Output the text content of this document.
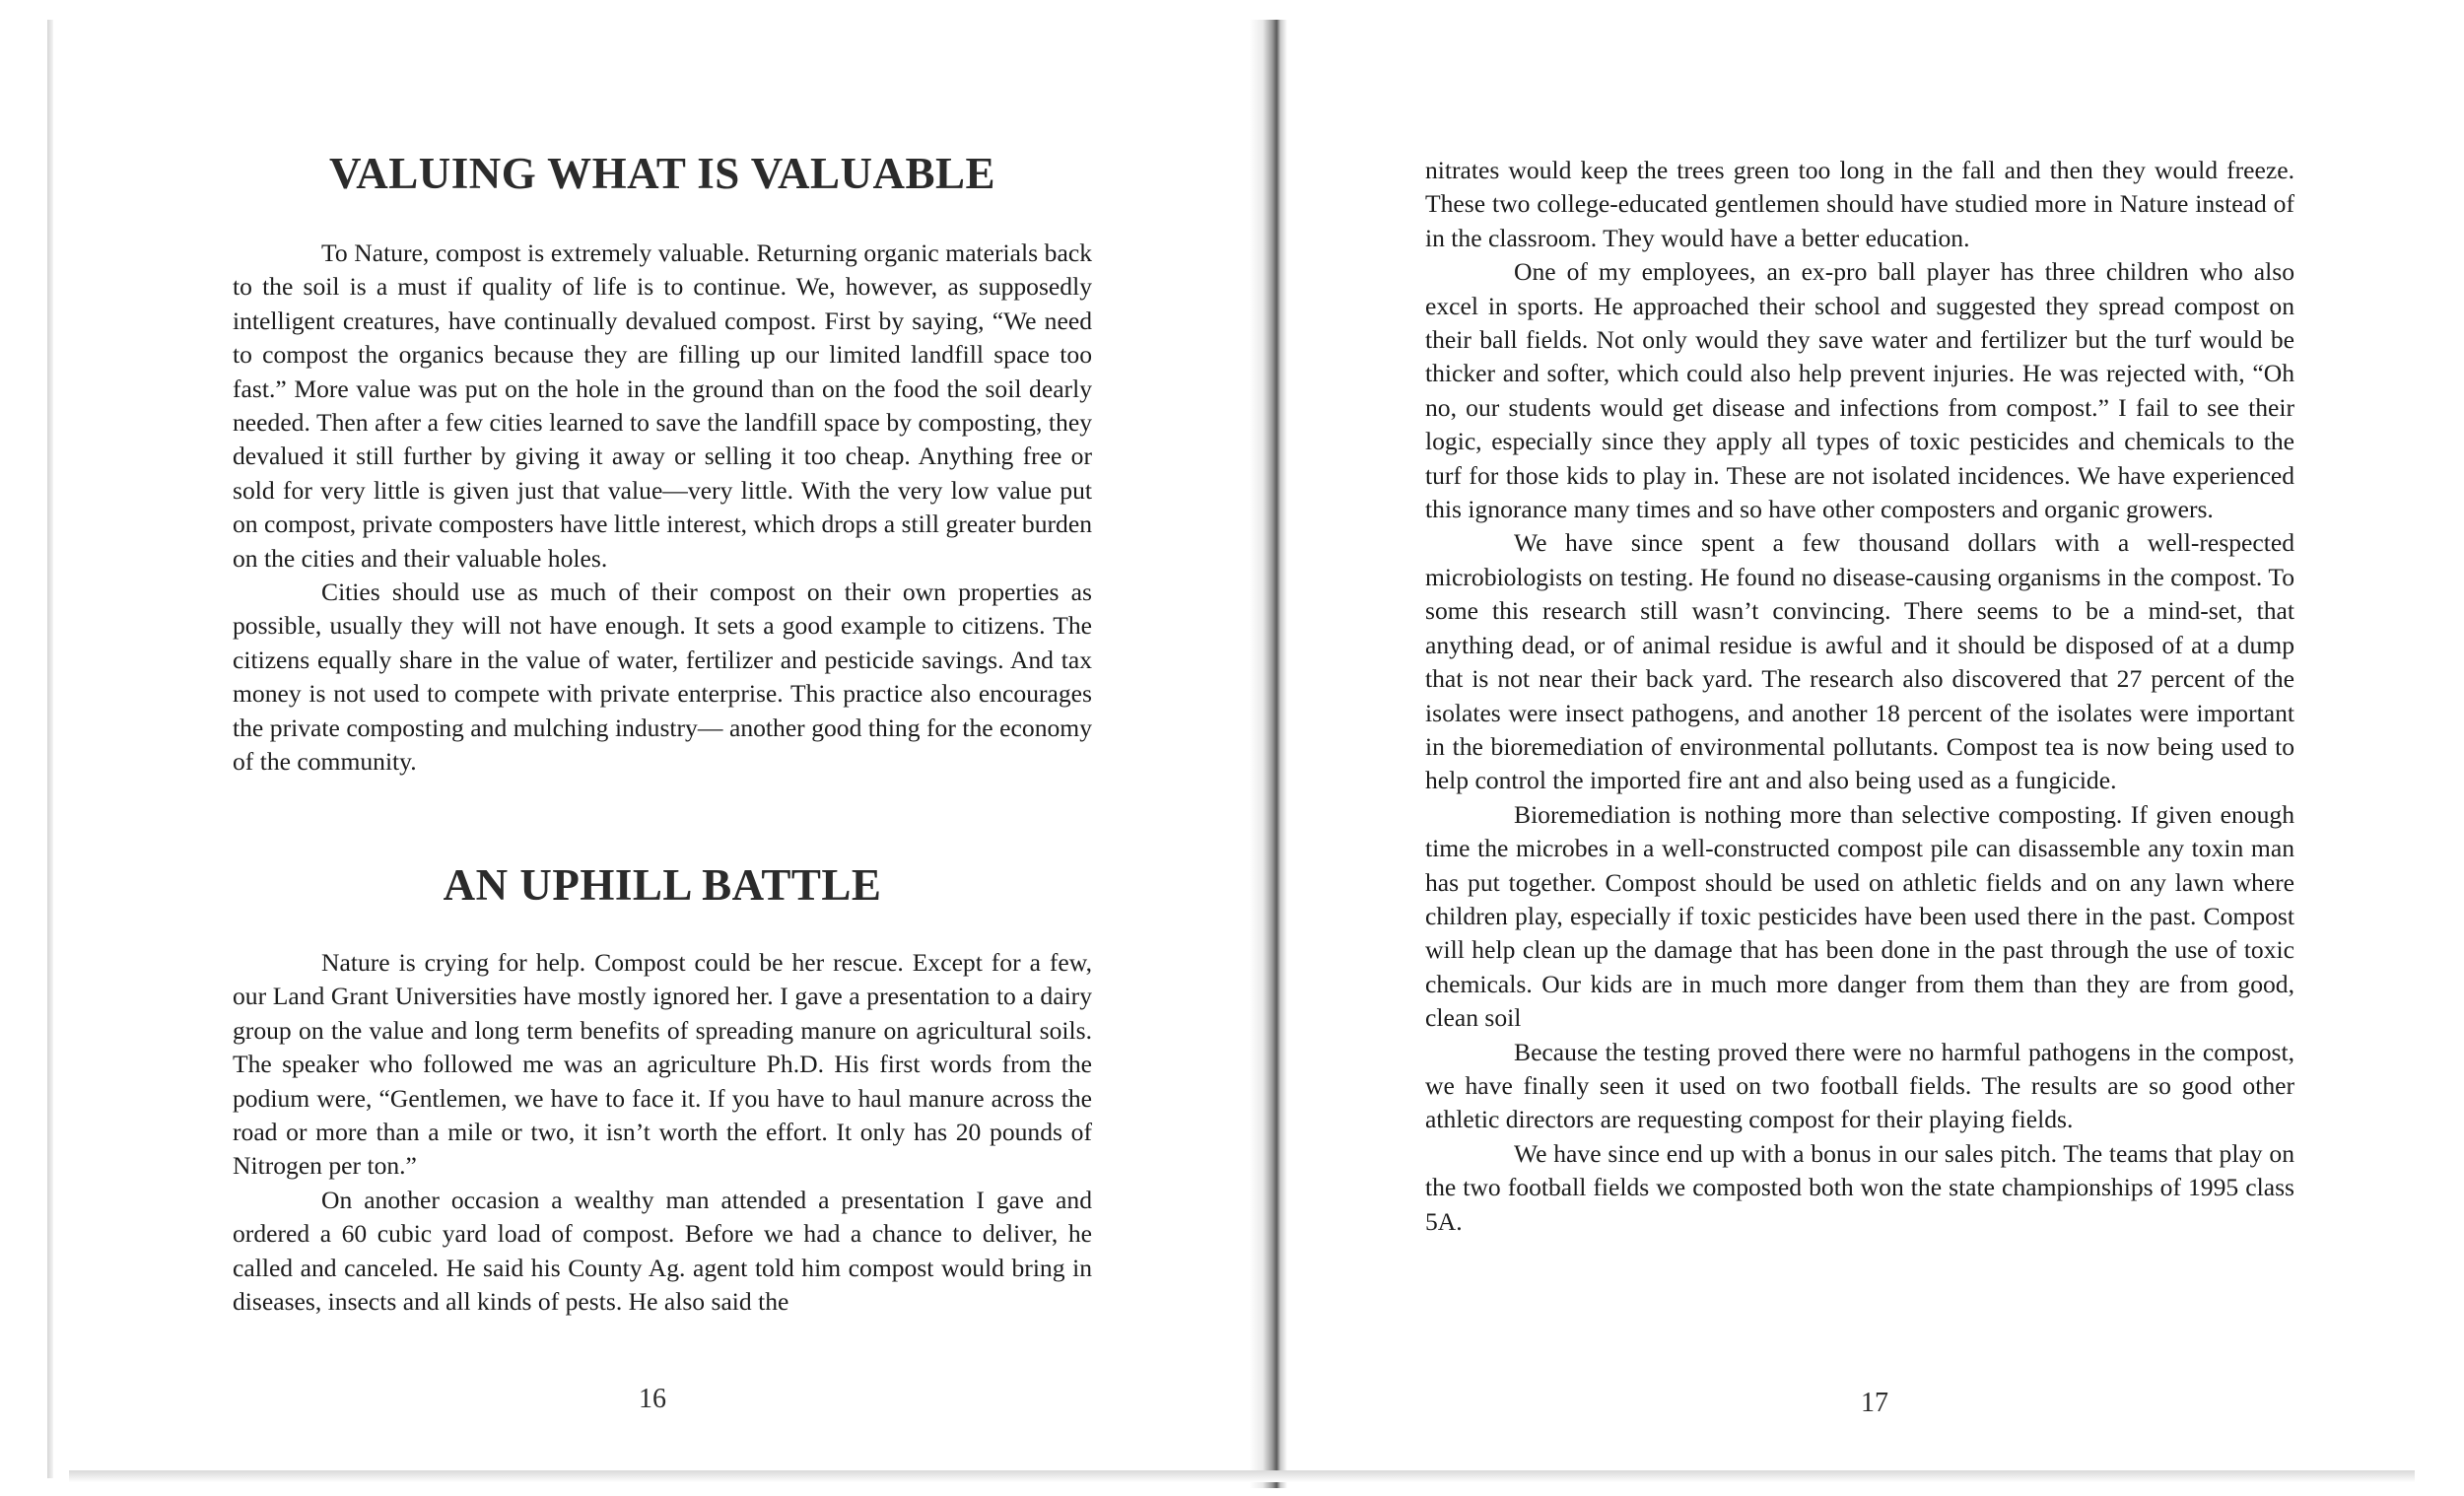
VALUING WHAT IS VALUABLE

To Nature, compost is extremely valuable. Returning organic materials back to the soil is a must if quality of life is to continue. We, however, as supposedly intelligent creatures, have continually devalued compost. First by saying, “We need to compost the organics because they are filling up our limited landfill space too fast.” More value was put on the hole in the ground than on the food the soil dearly needed. Then after a few cities learned to save the landfill space by composting, they devalued it still further by giving it away or selling it too cheap. Anything free or sold for very little is given just that value—very little. With the very low value put on compost, private composters have little interest, which drops a still greater burden on the cities and their valuable holes.

Cities should use as much of their compost on their own properties as possible, usually they will not have enough. It sets a good example to citizens. The citizens equally share in the value of water, fertilizer and pesticide savings. And tax money is not used to compete with private enterprise. This practice also encourages the private composting and mulching industry— another good thing for the economy of the community.

AN UPHILL BATTLE

Nature is crying for help. Compost could be her rescue. Except for a few, our Land Grant Universities have mostly ignored her. I gave a presentation to a dairy group on the value and long term benefits of spreading manure on agricultural soils. The speaker who followed me was an agriculture Ph.D. His first words from the podium were, “Gentlemen, we have to face it. If you have to haul manure across the road or more than a mile or two, it isn’t worth the effort. It only has 20 pounds of Nitrogen per ton.”

On another occasion a wealthy man attended a presentation I gave and ordered a 60 cubic yard load of compost. Before we had a chance to deliver, he called and canceled. He said his County Ag. agent told him compost would bring in diseases, insects and all kinds of pests. He also said the

16

nitrates would keep the trees green too long in the fall and then they would freeze. These two college-educated gentlemen should have studied more in Nature instead of in the classroom. They would have a better education.

One of my employees, an ex-pro ball player has three children who also excel in sports. He approached their school and suggested they spread compost on their ball fields. Not only would they save water and fertilizer but the turf would be thicker and softer, which could also help prevent injuries. He was rejected with, “Oh no, our students would get disease and infections from compost.” I fail to see their logic, especially since they apply all types of toxic pesticides and chemicals to the turf for those kids to play in. These are not isolated incidences. We have experienced this ignorance many times and so have other composters and organic growers.

We have since spent a few thousand dollars with a well-respected microbiologists on testing. He found no disease-causing organisms in the compost. To some this research still wasn’t convincing. There seems to be a mind-set, that anything dead, or of animal residue is awful and it should be disposed of at a dump that is not near their back yard. The research also discovered that 27 percent of the isolates were insect pathogens, and another 18 percent of the isolates were important in the bioremediation of environmental pollutants. Compost tea is now being used to help control the imported fire ant and also being used as a fungicide.

Bioremediation is nothing more than selective composting. If given enough time the microbes in a well-constructed compost pile can disassemble any toxin man has put together. Compost should be used on athletic fields and on any lawn where children play, especially if toxic pesticides have been used there in the past. Compost will help clean up the damage that has been done in the past through the use of toxic chemicals. Our kids are in much more danger from them than they are from good, clean soil

Because the testing proved there were no harmful pathogens in the compost, we have finally seen it used on two football fields. The results are so good other athletic directors are requesting compost for their playing fields.

We have since end up with a bonus in our sales pitch. The teams that play on the two football fields we composted both won the state championships of 1995 class 5A.

17
